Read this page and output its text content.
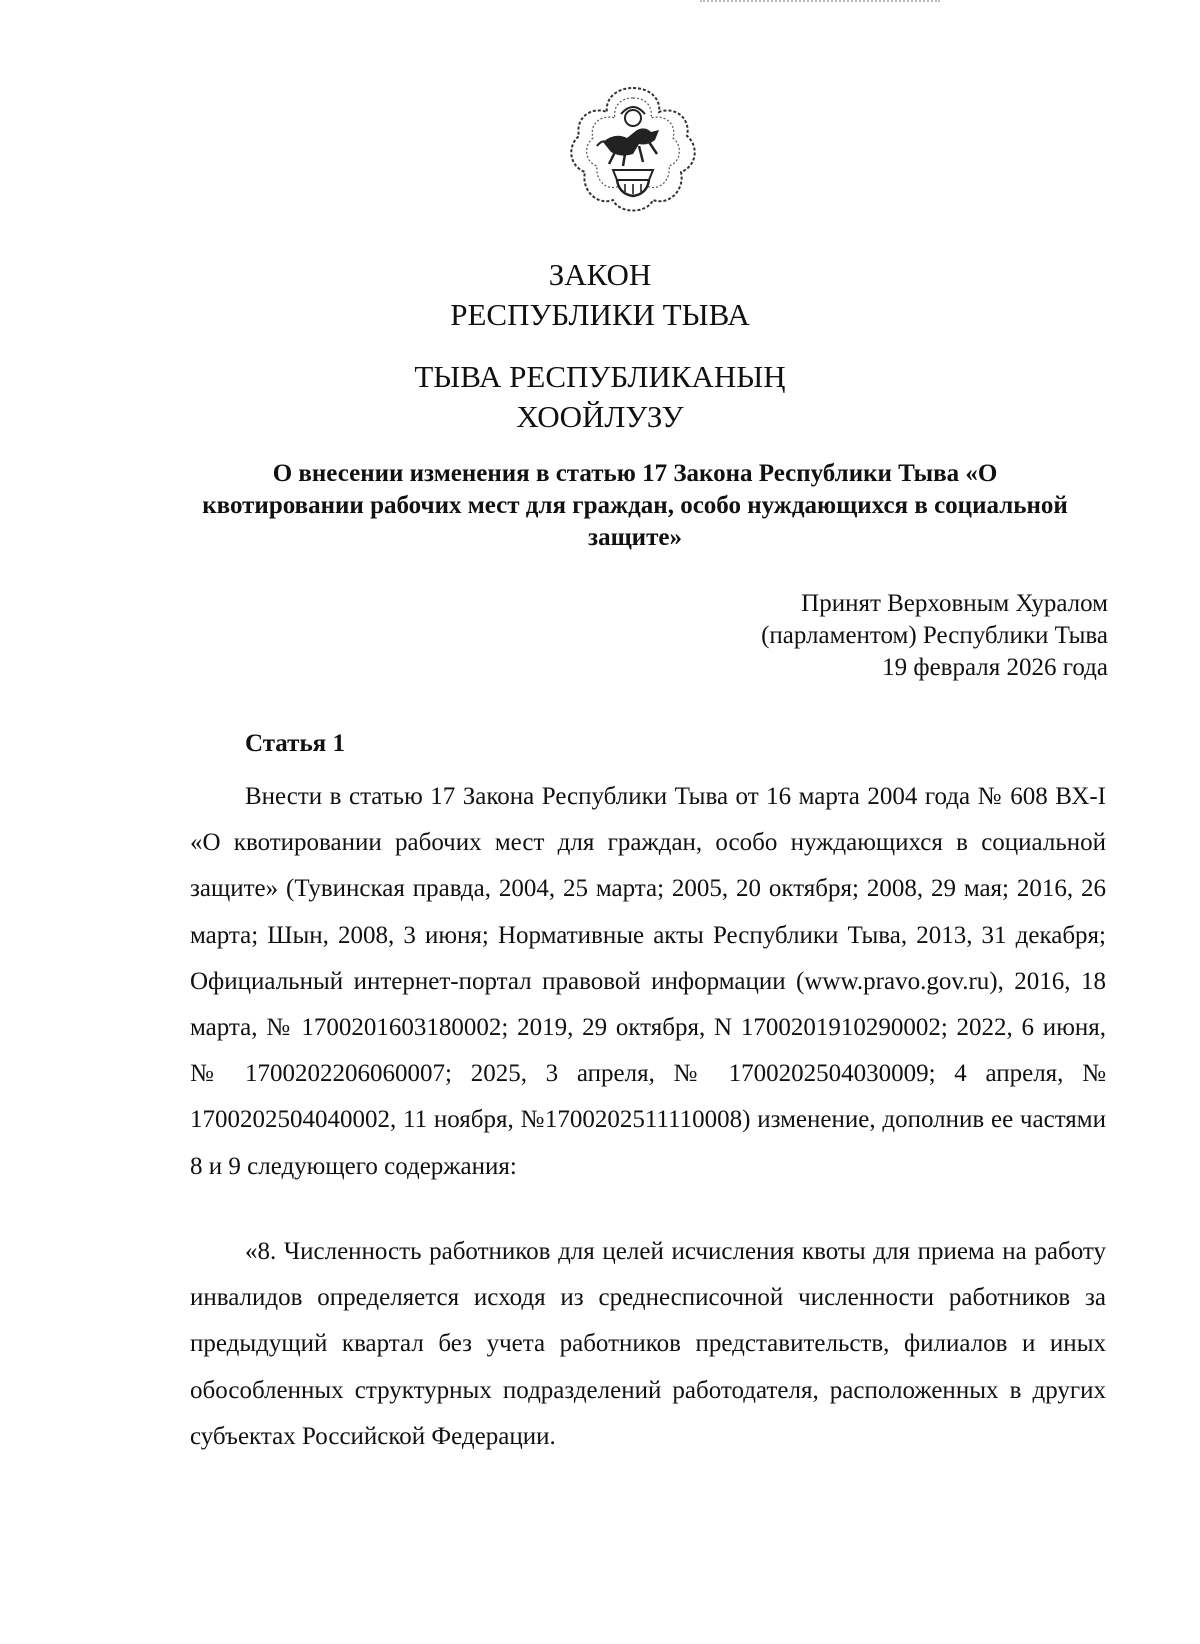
ЗАКОН
РЕСПУБЛИКИ ТЫВА
ТЫВА РЕСПУБЛИКАНЫҢ
ХООЙЛУЗУ
О внесении изменения в статью 17 Закона Республики Тыва «О квотировании рабочих мест для граждан, особо нуждающихся в социальной защите»
Принят Верховным Хуралом
(парламентом) Республики Тыва
19 февраля 2026 года
Статья 1

Внести в статью 17 Закона Республики Тыва от 16 марта 2004 года № 608 ВХ-I «О квотировании рабочих мест для граждан, особо нуждающихся в социальной защите» (Тувинская правда, 2004, 25 марта; 2005, 20 октября; 2008, 29 мая; 2016, 26 марта; Шын, 2008, 3 июня; Нормативные акты Республики Тыва, 2013, 31 декабря; Официальный интернет-портал правовой информации (www.pravo.gov.ru), 2016, 18 марта, № 1700201603180002; 2019, 29 октября, N 1700201910290002; 2022, 6 июня, № 1700202206060007; 2025, 3 апреля, № 1700202504030009; 4 апреля, № 1700202504040002, 11 ноября, №1700202511110008) изменение, дополнив ее частями 8 и 9 следующего содержания:

«8. Численность работников для целей исчисления квоты для приема на работу инвалидов определяется исходя из среднесписочной численности работников за предыдущий квартал без учета работников представительств, филиалов и иных обособленных структурных подразделений работодателя, расположенных в других субъектах Российской Федерации.
